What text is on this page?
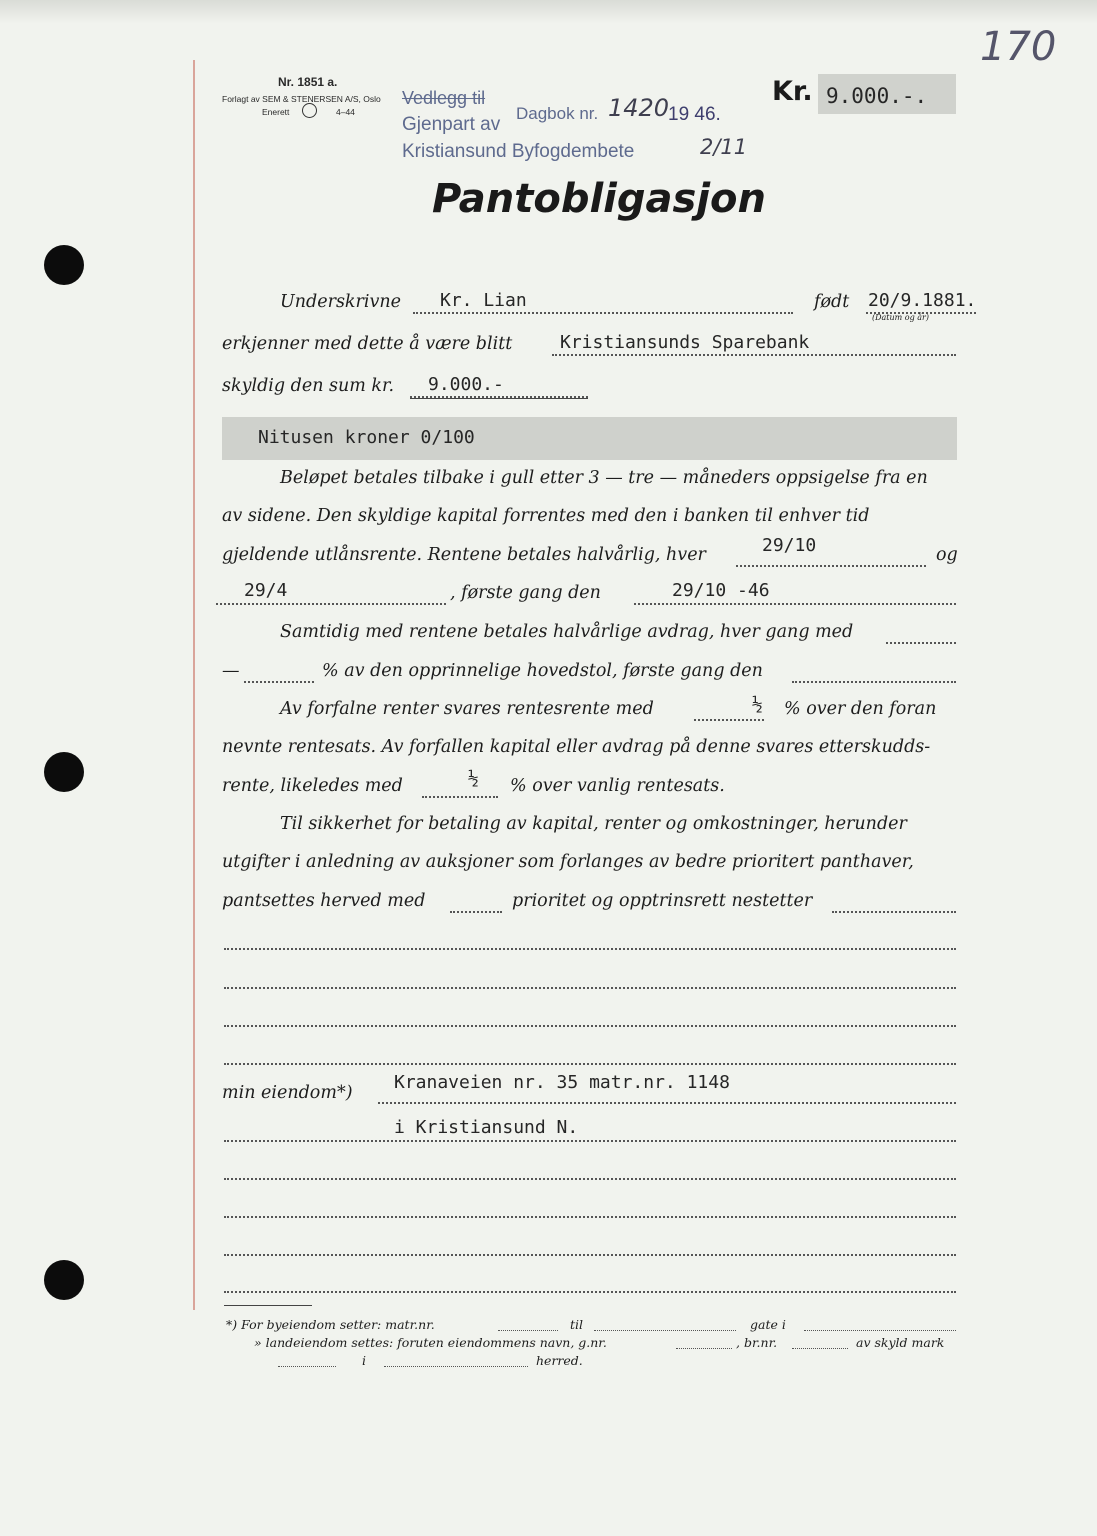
Nr. 1851 a.
Forlagt av SEM & STENERSEN A/S, Oslo
Enerett	4–44
Vedlegg til
Gjenpart av
Kristiansund Byfogdembete
Dagbok nr. 1420
19 46.
2/11
Kr. 9.000.-.
170
Pantobligasjon
Underskrivne Kr. Lian	født 20/9.1881.
(Datum og år)
erkjenner med dette å være blitt	Kristiansunds Sparebank
skyldig den sum kr. 9.000.-
Nitusen kroner 0/100
Beløpet betales tilbake i gull etter 3 — tre — måneders oppsigelse fra en
av sidene. Den skyldige kapital forrentes med den i banken til enhver tid
gjeldende utlånsrente. Rentene betales halvårlig, hver	29/10	og
29/4	, første gang den	29/10 -46
Samtidig med rentene betales halvårlige avdrag, hver gang med
—	% av den opprinnelige hovedstol, første gang den
Av forfalne renter svares rentesrente med	½ % over den foran
nevnte rentesats. Av forfallen kapital eller avdrag på denne svares etterskudds-
rente, likeledes med	½ % over vanlig rentesats.
Til sikkerhet for betaling av kapital, renter og omkostninger, herunder
utgifter i anledning av auksjoner som forlanges av bedre prioritert panthaver,
pantsettes herved med	prioritet og opptrinsrett nestetter
min eiendom*) Kranaveien nr. 35 matr.nr. 1148
i Kristiansund N.
*) For byeiendom setter: matr.nr.	til	gate i
» landeiendom settes: foruten eiendommens navn, g.nr.	, br.nr.	av skyld mark
i	herred.
